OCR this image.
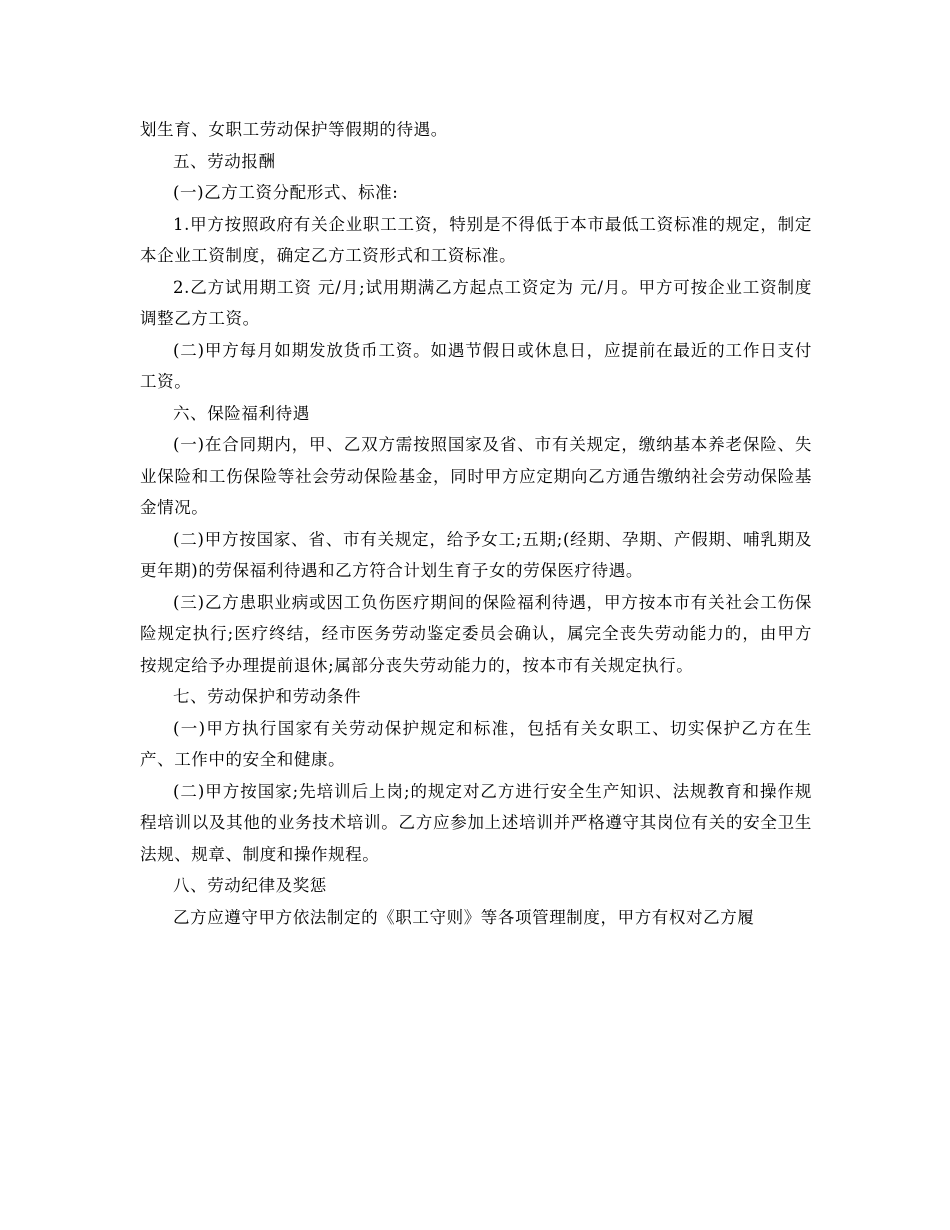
划生育、女职工劳动保护等假期的待遇。

五、劳动报酬

(一)乙方工资分配形式、标准:

1.甲方按照政府有关企业职工工资，特别是不得低于本市最低工资标准的规定，制定本企业工资制度，确定乙方工资形式和工资标准。

2.乙方试用期工资 元/月;试用期满乙方起点工资定为 元/月。甲方可按企业工资制度调整乙方工资。

(二)甲方每月如期发放货币工资。如遇节假日或休息日，应提前在最近的工作日支付工资。

六、保险福利待遇

(一)在合同期内，甲、乙双方需按照国家及省、市有关规定，缴纳基本养老保险、失业保险和工伤保险等社会劳动保险基金，同时甲方应定期向乙方通告缴纳社会劳动保险基金情况。

(二)甲方按国家、省、市有关规定，给予女工;五期;(经期、孕期、产假期、哺乳期及更年期)的劳保福利待遇和乙方符合计划生育子女的劳保医疗待遇。

(三)乙方患职业病或因工负伤医疗期间的保险福利待遇，甲方按本市有关社会工伤保险规定执行;医疗终结，经市医务劳动鉴定委员会确认，属完全丧失劳动能力的，由甲方按规定给予办理提前退休;属部分丧失劳动能力的，按本市有关规定执行。

七、劳动保护和劳动条件

(一)甲方执行国家有关劳动保护规定和标准，包括有关女职工、切实保护乙方在生产、工作中的安全和健康。

(二)甲方按国家;先培训后上岗;的规定对乙方进行安全生产知识、法规教育和操作规程培训以及其他的业务技术培训。乙方应参加上述培训并严格遵守其岗位有关的安全卫生法规、规章、制度和操作规程。

八、劳动纪律及奖惩

乙方应遵守甲方依法制定的《职工守则》等各项管理制度，甲方有权对乙方履
